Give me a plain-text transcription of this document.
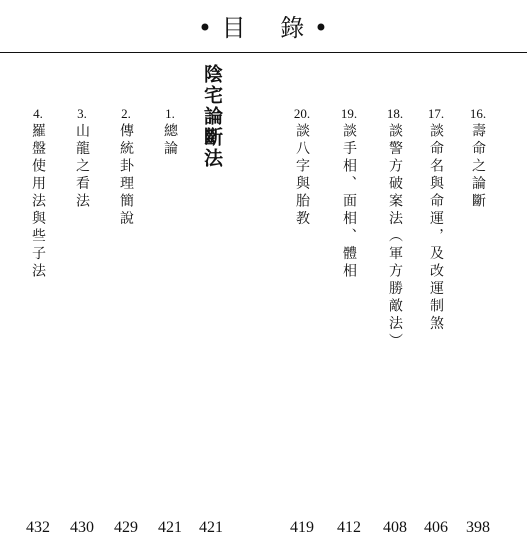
• 目　 錄 •
陰宅論斷法	16.
壽命之論斷
17.
談命名與命運，及改運制煞
18.
談警方破案法（軍方勝敵法）
19.
談手相、面相、體相
20.
談八字與胎教
1.
總論
2.
傳統卦理簡說
3.
山龍之看法
4.
羅盤使用法與些子法
398
406
408
412
419
421
421
429
430
432
